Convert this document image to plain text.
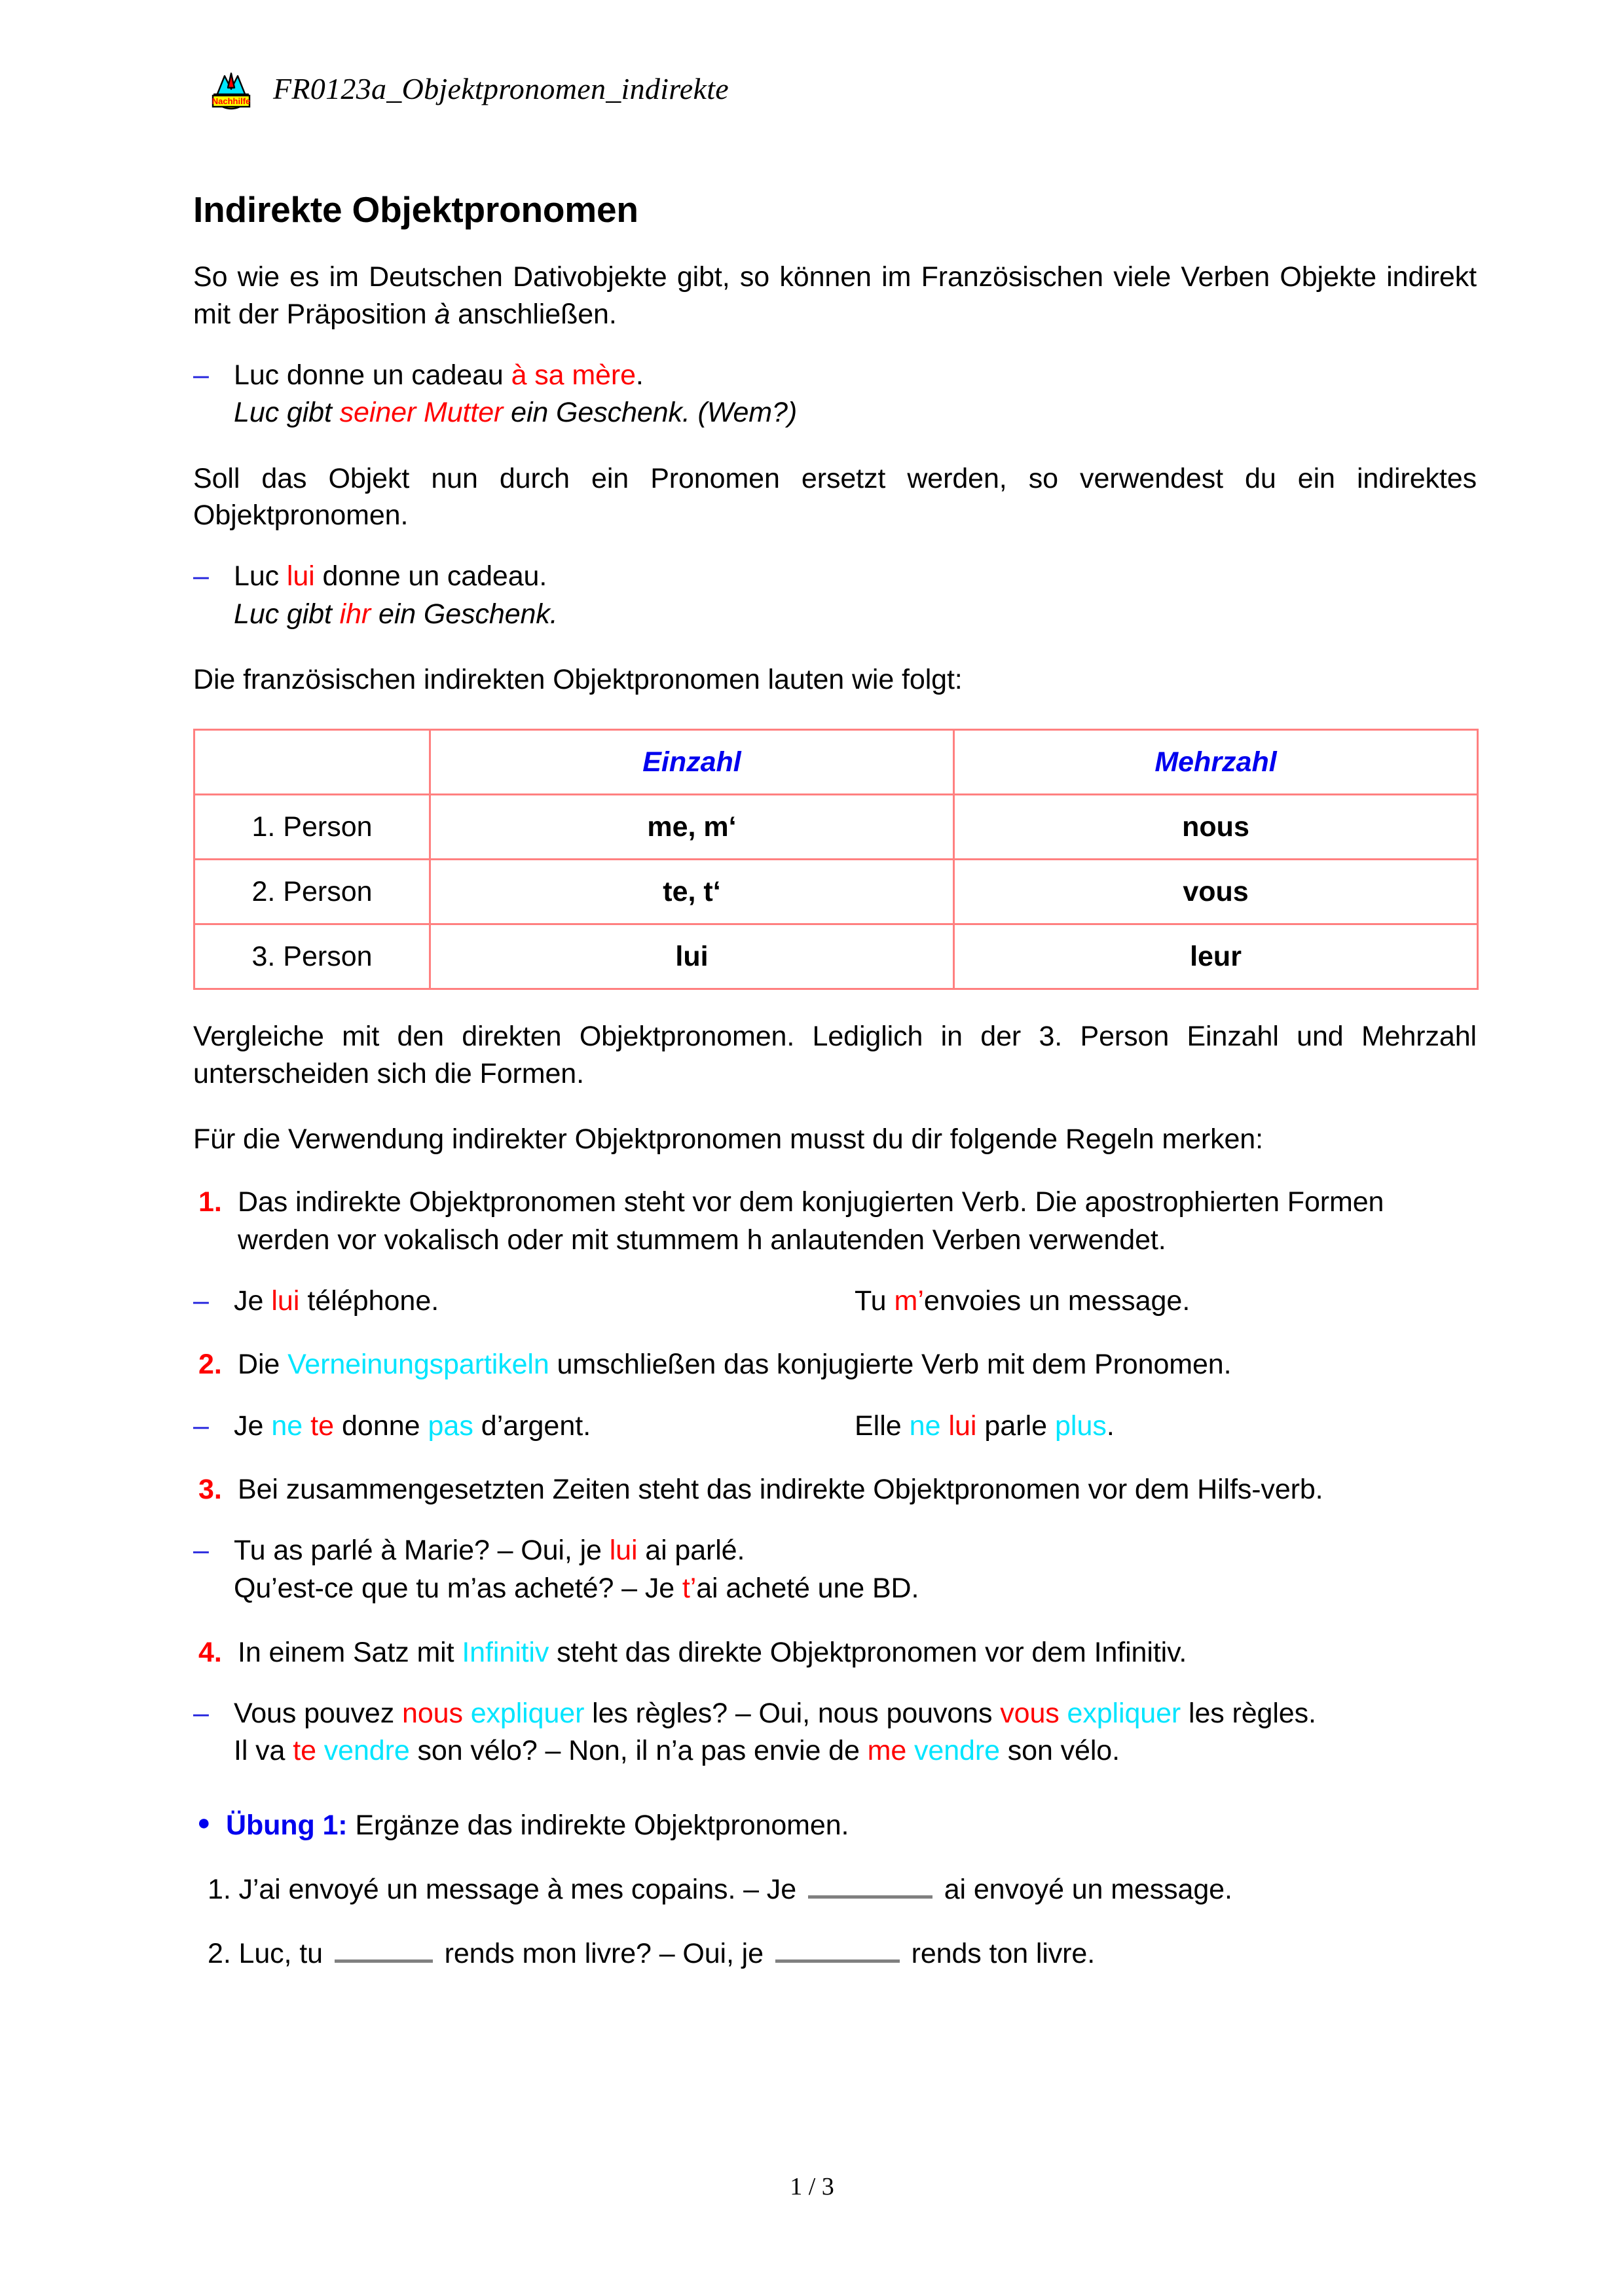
Nachhilfe FR0123a_Objektpronomen_indirekte
Indirekte Objektpronomen

So wie es im Deutschen Dativobjekte gibt, so können im Französischen viele Verben Objekte indirekt mit der Präposition à anschließen.

– Luc donne un cadeau à sa mère.
Luc gibt seiner Mutter ein Geschenk. (Wem?)

Soll das Objekt nun durch ein Pronomen ersetzt werden, so verwendest du ein indirektes Objektpronomen.

– Luc lui donne un cadeau.
Luc gibt ihr ein Geschenk.

Die französischen indirekten Objektpronomen lauten wie folgt:

	Einzahl	Mehrzahl
1. Person	me, m‘	nous
2. Person	te, t‘	vous
3. Person	lui	leur

Vergleiche mit den direkten Objektpronomen. Lediglich in der 3. Person Einzahl und Mehrzahl unterscheiden sich die Formen.

Für die Verwendung indirekter Objektpronomen musst du dir folgende Regeln merken:

1. Das indirekte Objektpronomen steht vor dem konjugierten Verb. Die apostrophierten Formen werden vor vokalisch oder mit stummem h anlautenden Verben verwendet.
– Je lui téléphone.	Tu m’envoies un message.
2. Die Verneinungspartikeln umschließen das konjugierte Verb mit dem Pronomen.
– Je ne te donne pas d’argent.	Elle ne lui parle plus.
3. Bei zusammengesetzten Zeiten steht das indirekte Objektpronomen vor dem Hilfs-verb.
– Tu as parlé à Marie? – Oui, je lui ai parlé.
Qu’est-ce que tu m’as acheté? – Je t’ai acheté une BD.
4. In einem Satz mit Infinitiv steht das direkte Objektpronomen vor dem Infinitiv.
– Vous pouvez nous expliquer les règles? – Oui, nous pouvons vous expliquer les règles.
Il va te vendre son vélo? – Non, il n’a pas envie de me vendre son vélo.
● Übung 1: Ergänze das indirekte Objektpronomen.
1. J’ai envoyé un message à mes copains. – Je	ai envoyé un message.
2. Luc, tu	rends mon livre? – Oui, je	rends ton livre.
1 / 3
